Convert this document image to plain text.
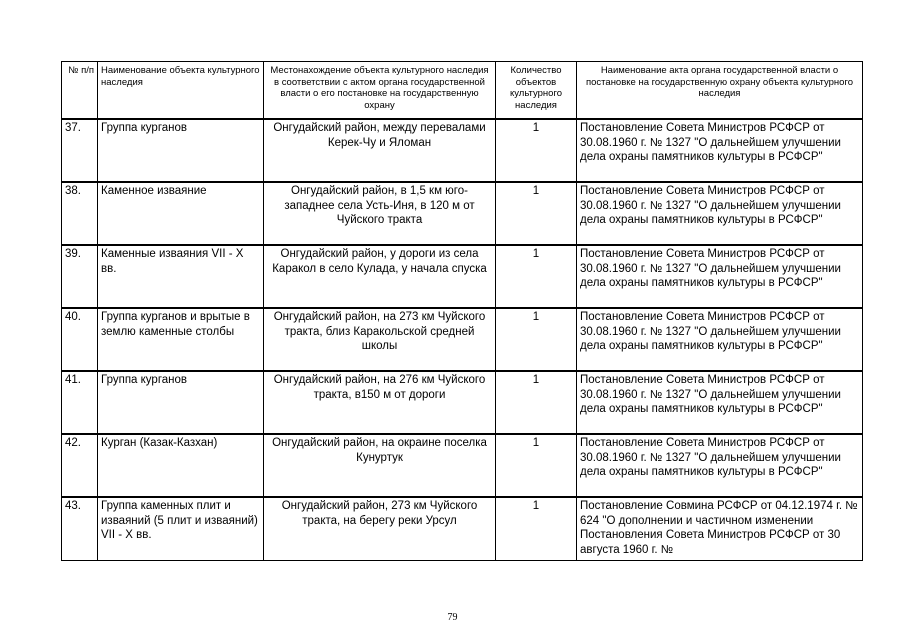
№ п/п	Наименование объекта культурного наследия	Местонахождение объекта культурного наследия в соответствии с актом органа государственной власти о его постановке на государственную охрану	Количество объектов культурного наследия	Наименование акта органа государственной власти о постановке на государственную охрану объекта культурного наследия
37.	Группа курганов	Онгудайский район, между перевалами Керек-Чу и Яломан	1	Постановление Совета Министров РСФСР от 30.08.1960 г. № 1327 "О дальнейшем улучшении дела охраны памятников культуры в РСФСР"
38.	Каменное изваяние	Онгудайский район, в 1,5 км юго-западнее села Усть-Иня, в 120 м от Чуйского тракта	1	Постановление Совета Министров РСФСР от 30.08.1960 г. № 1327 "О дальнейшем улучшении дела охраны памятников культуры в РСФСР"
39.	Каменные изваяния VII - X вв.	Онгудайский район, у дороги из села Каракол в село Кулада, у начала спуска	1	Постановление Совета Министров РСФСР от 30.08.1960 г. № 1327 "О дальнейшем улучшении дела охраны памятников культуры в РСФСР"
40.	Группа курганов и врытые в землю каменные столбы	Онгудайский район, на 273 км Чуйского тракта, близ Каракольской средней школы	1	Постановление Совета Министров РСФСР от 30.08.1960 г. № 1327 "О дальнейшем улучшении дела охраны памятников культуры в РСФСР"
41.	Группа курганов	Онгудайский район, на 276 км Чуйского тракта, в150 м от дороги	1	Постановление Совета Министров РСФСР от 30.08.1960 г. № 1327 "О дальнейшем улучшении дела охраны памятников культуры в РСФСР"
42.	Курган (Казак-Казхан)	Онгудайский район, на окраине поселка Кунуртук	1	Постановление Совета Министров РСФСР от 30.08.1960 г. № 1327 "О дальнейшем улучшении дела охраны памятников культуры в РСФСР"
43.	Группа каменных плит и изваяний (5 плит и изваяний) VII - X вв.	Онгудайский район, 273 км Чуйского тракта, на берегу реки Урсул	1	Постановление Совмина РСФСР от 04.12.1974 г. № 624 "О дополнении и частичном изменении Постановления Совета Министров РСФСР от 30 августа 1960 г. №
79
